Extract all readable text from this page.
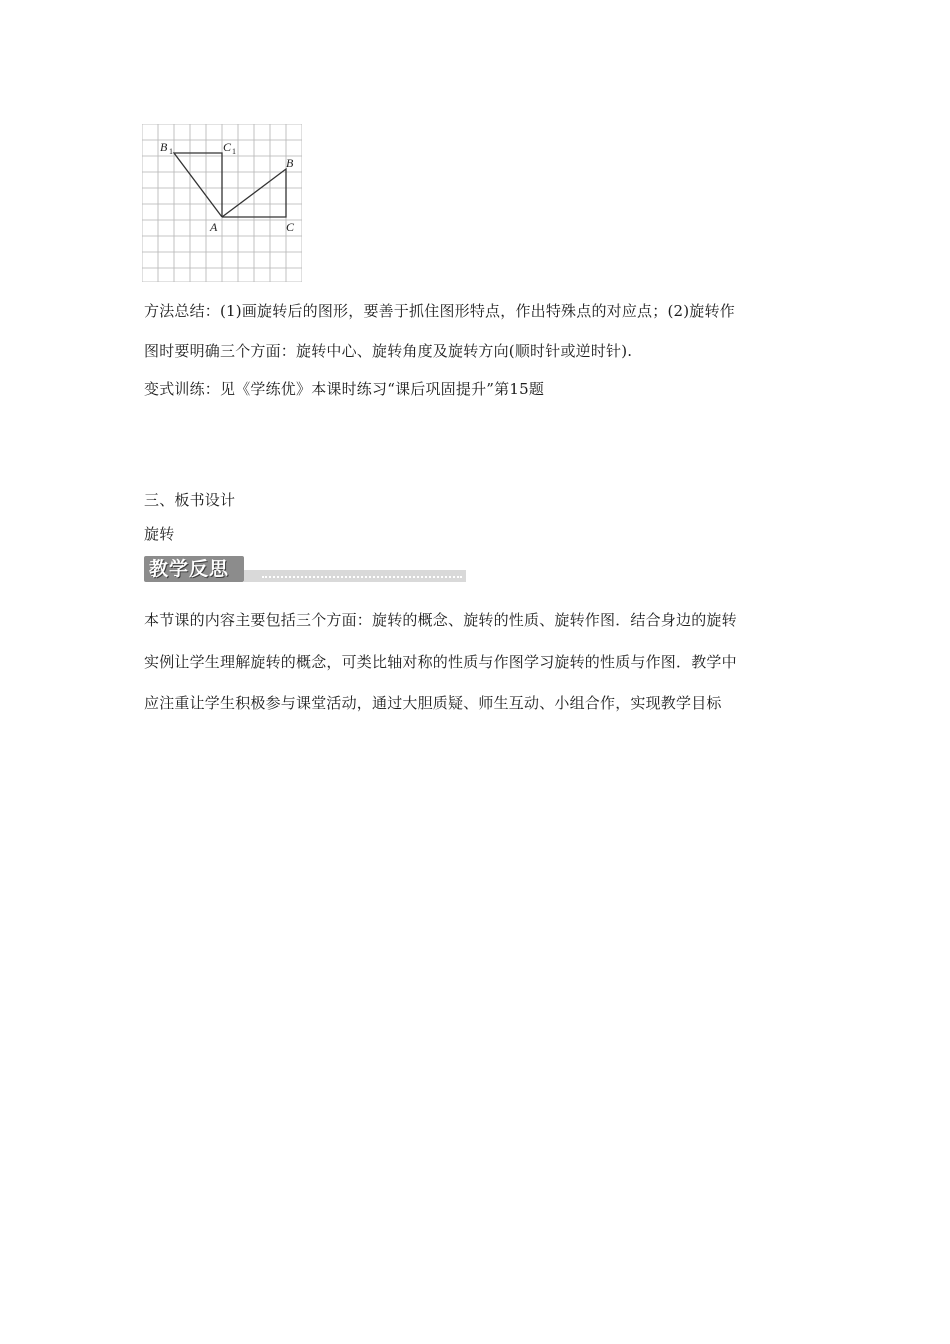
A
B
C
B 1	C 1
方法总结：(1)画旋转后的图形，要善于抓住图形特点，作出特殊点的对应点；(2)旋转作
图时要明确三个方面：旋转中心、旋转角度及旋转方向(顺时针或逆时针).
变式训练：见《学练优》本课时练习“课后巩固提升”第15题
三、板书设计
旋转
教学反思
本节课的内容主要包括三个方面：旋转的概念、旋转的性质、旋转作图．结合身边的旋转
实例让学生理解旋转的概念，可类比轴对称的性质与作图学习旋转的性质与作图．教学中
应注重让学生积极参与课堂活动，通过大胆质疑、师生互动、小组合作，实现教学目标
